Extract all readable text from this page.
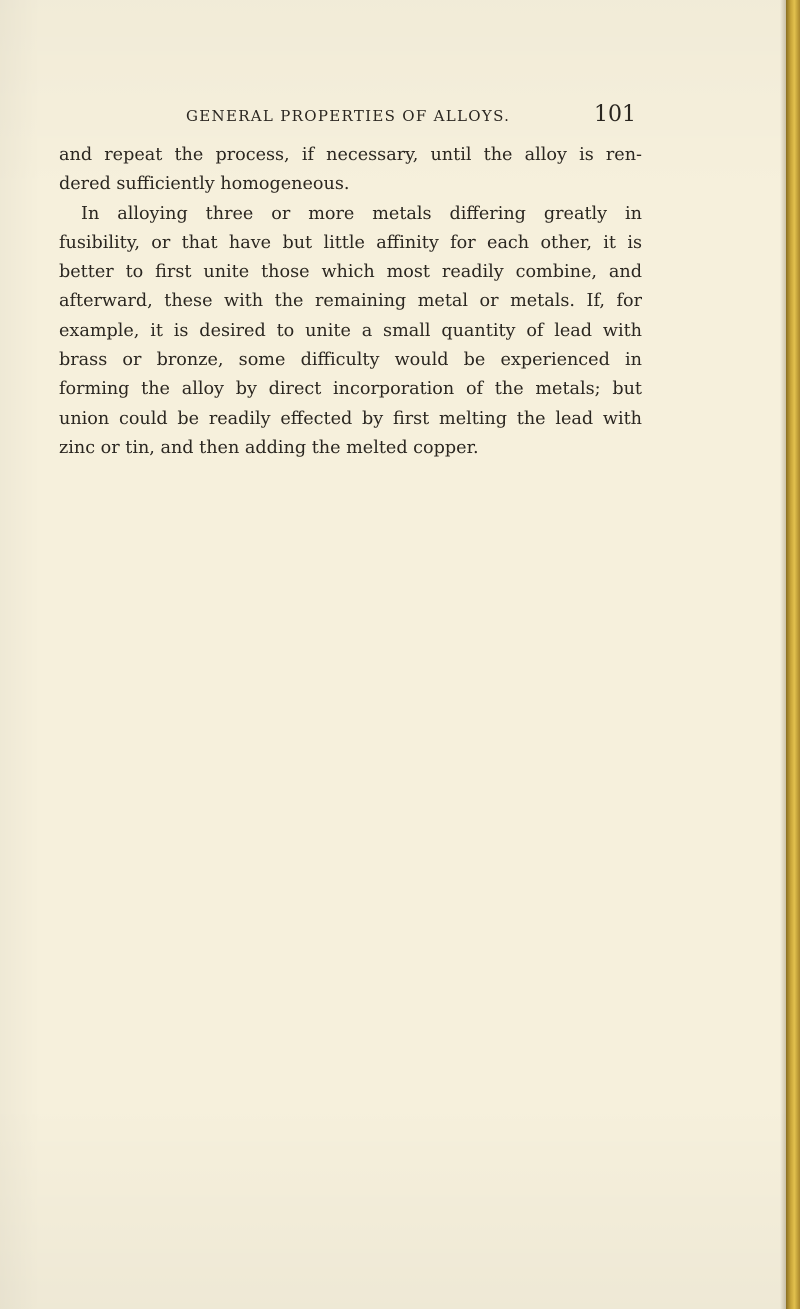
GENERAL PROPERTIES OF ALLOYS.	101
and repeat the process, if necessary, until the alloy is ren-
dered sufficiently homogeneous.
In alloying three or more metals differing greatly in
fusibility, or that have but little affinity for each other, it is
better to first unite those which most readily combine, and
afterward, these with the remaining metal or metals. If, for
example, it is desired to unite a small quantity of lead with
brass or bronze, some difficulty would be experienced in
forming the alloy by direct incorporation of the metals; but
union could be readily effected by first melting the lead with
zinc or tin, and then adding the melted copper.
